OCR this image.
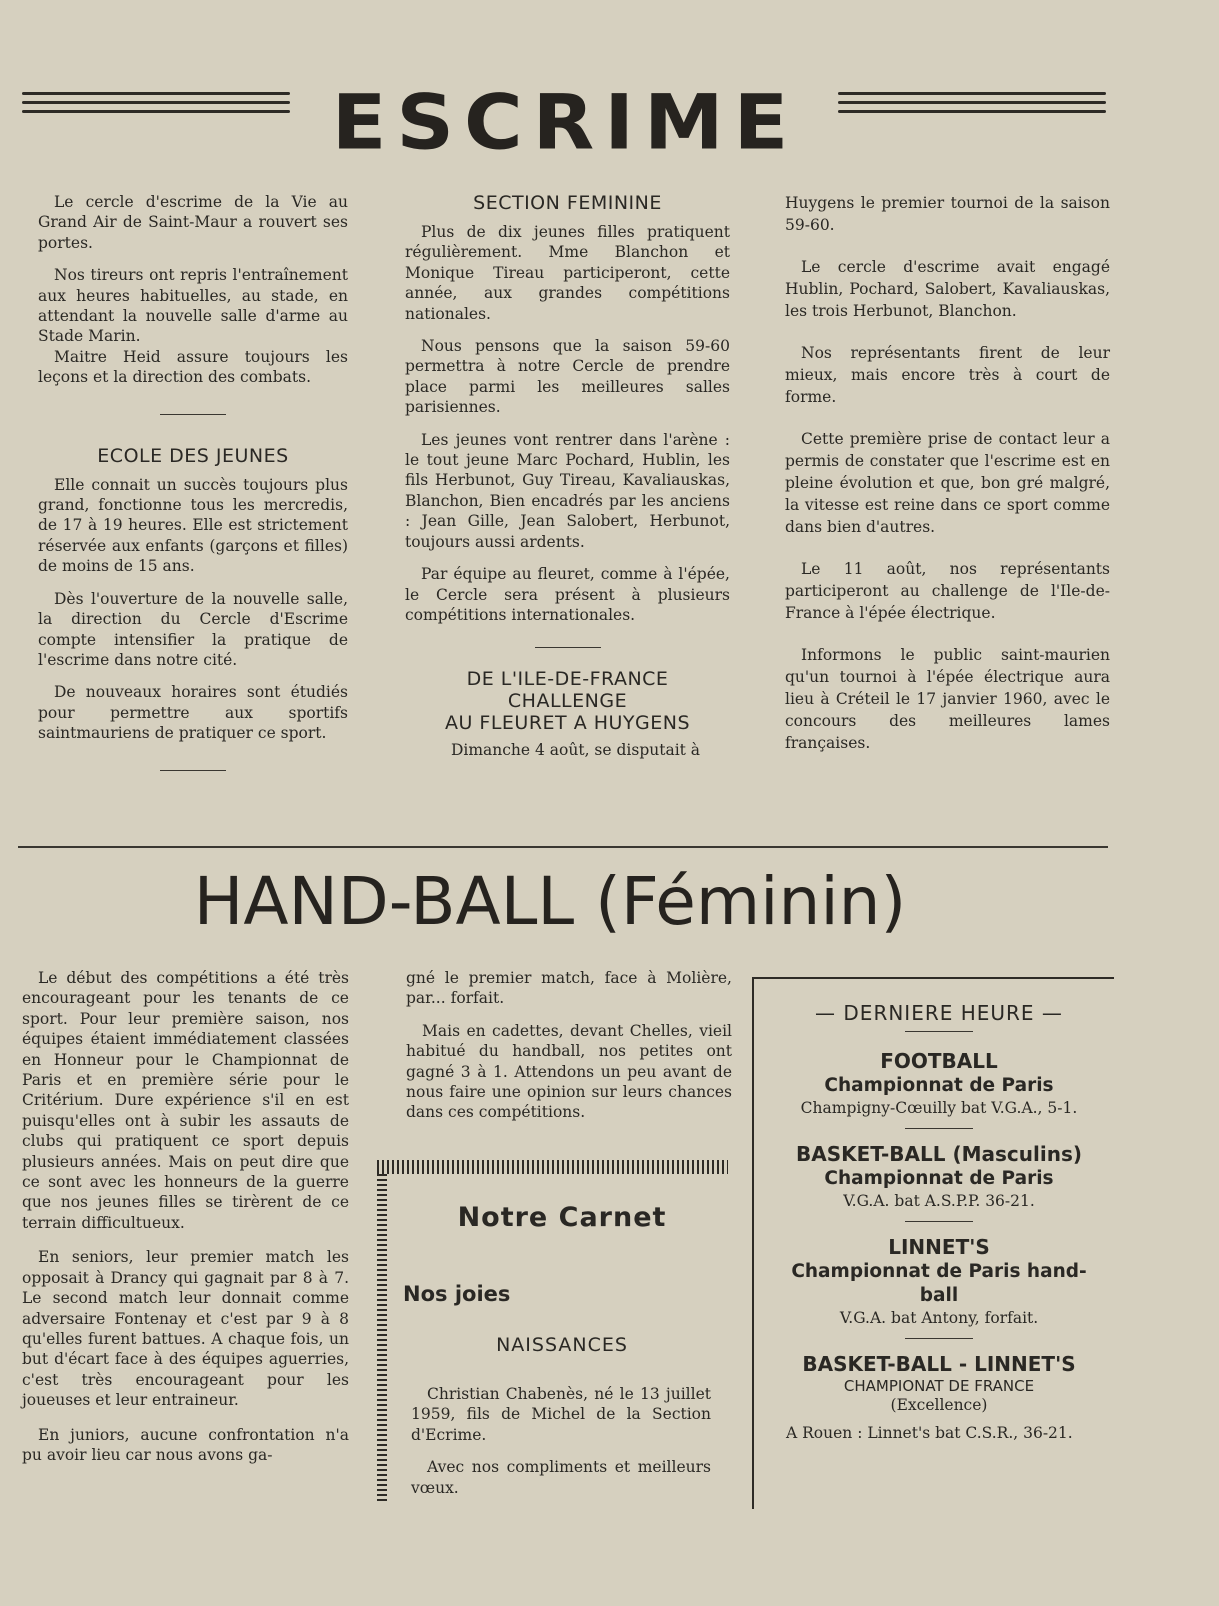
ESCRIME

Le cercle d'escrime de la Vie au Grand Air de Saint-Maur a rouvert ses portes.

Nos tireurs ont repris l'entraînement aux heures habituelles, au stade, en attendant la nouvelle salle d'arme au Stade Marin.

Maitre Heid assure toujours les leçons et la direction des combats.

ECOLE DES JEUNES

Elle connait un succès toujours plus grand, fonctionne tous les mercredis, de 17 à 19 heures. Elle est strictement réservée aux enfants (garçons et filles) de moins de 15 ans.

Dès l'ouverture de la nouvelle salle, la direction du Cercle d'Escrime compte intensifier la pratique de l'escrime dans notre cité.

De nouveaux horaires sont étudiés pour permettre aux sportifs saintmauriens de pratiquer ce sport.

SECTION FEMININE

Plus de dix jeunes filles pratiquent régulièrement. Mme Blanchon et Monique Tireau participeront, cette année, aux grandes compétitions nationales.

Nous pensons que la saison 59-60 permettra à notre Cercle de prendre place parmi les meilleures salles parisiennes.

Les jeunes vont rentrer dans l'arène : le tout jeune Marc Pochard, Hublin, les fils Herbunot, Guy Tireau, Kavaliauskas, Blanchon, Bien encadrés par les anciens : Jean Gille, Jean Salobert, Herbunot, toujours aussi ardents.

Par équipe au fleuret, comme à l'épée, le Cercle sera présent à plusieurs compétitions internationales.

DE L'ILE-DE-FRANCE
CHALLENGE
AU FLEURET A HUYGENS

Dimanche 4 août, se disputait à

Huygens le premier tournoi de la saison 59-60.

Le cercle d'escrime avait engagé Hublin, Pochard, Salobert, Kavaliauskas, les trois Herbunot, Blanchon.

Nos représentants firent de leur mieux, mais encore très à court de forme.

Cette première prise de contact leur a permis de constater que l'escrime est en pleine évolution et que, bon gré malgré, la vitesse est reine dans ce sport comme dans bien d'autres.

Le 11 août, nos représentants participeront au challenge de l'Ile-de-France à l'épée électrique.

Informons le public saint-maurien qu'un tournoi à l'épée électrique aura lieu à Créteil le 17 janvier 1960, avec le concours des meilleures lames françaises.

HAND-BALL (Féminin)

Le début des compétitions a été très encourageant pour les tenants de ce sport. Pour leur première saison, nos équipes étaient immédiatement classées en Honneur pour le Championnat de Paris et en première série pour le Critérium. Dure expérience s'il en est puisqu'elles ont à subir les assauts de clubs qui pratiquent ce sport depuis plusieurs années. Mais on peut dire que ce sont avec les honneurs de la guerre que nos jeunes filles se tirèrent de ce terrain difficultueux.

En seniors, leur premier match les opposait à Drancy qui gagnait par 8 à 7. Le second match leur donnait comme adversaire Fontenay et c'est par 9 à 8 qu'elles furent battues. A chaque fois, un but d'écart face à des équipes aguerries, c'est très encourageant pour les joueuses et leur entraineur.

En juniors, aucune confrontation n'a pu avoir lieu car nous avons ga-

gné le premier match, face à Molière, par... forfait.

Mais en cadettes, devant Chelles, vieil habitué du handball, nos petites ont gagné 3 à 1. Attendons un peu avant de nous faire une opinion sur leurs chances dans ces compétitions.

Notre Carnet
Nos joies
NAISSANCES

Christian Chabenès, né le 13 juillet 1959, fils de Michel de la Section d'Ecrime.

Avec nos compliments et meilleurs vœux.

— DERNIERE HEURE —
FOOTBALL
Championnat de Paris
Champigny-Cœuilly bat V.G.A., 5-1.
BASKET-BALL (Masculins)
Championnat de Paris
V.G.A. bat A.S.P.P. 36-21.
LINNET'S
Championnat de Paris hand-ball
V.G.A. bat Antony, forfait.
BASKET-BALL - LINNET'S
CHAMPIONAT DE FRANCE
(Excellence)
A Rouen : Linnet's bat C.S.R., 36-21.
